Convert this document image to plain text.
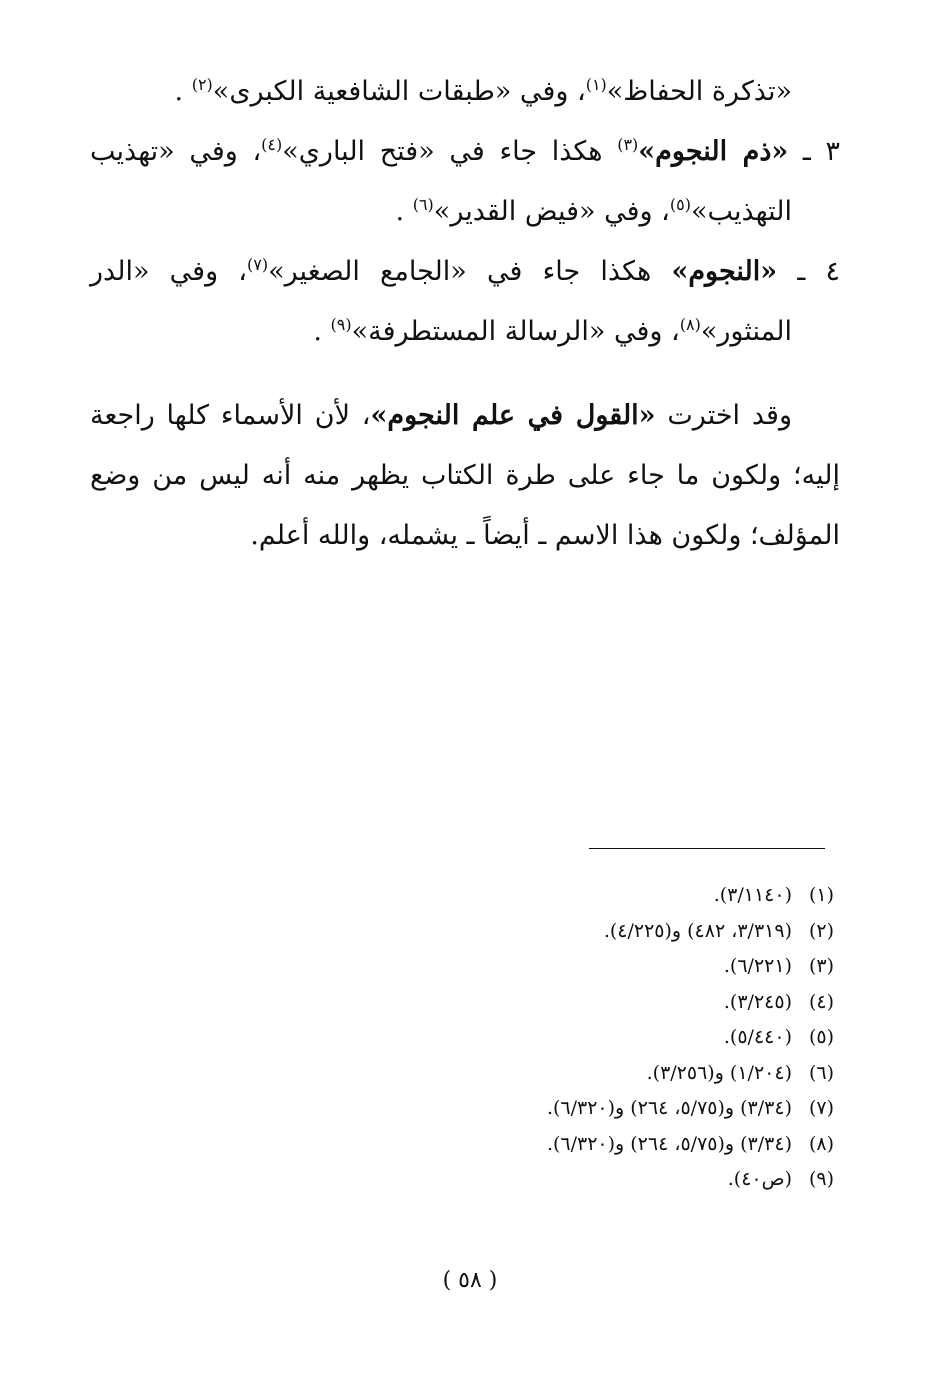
«تذكرة الحفاظ»$^{(١)}$، وفي «طبقات الشافعية الكبرى»$^{(٢)}$ .
٣ ـ «ذم النجوم»$^{(٣)}$ هكذا جاء في «فتح الباري»$^{(٤)}$، وفي «تهذيب
التهذيب»$^{(٥)}$، وفي «فيض القدير»$^{(٦)}$ .
٤ ـ «النجوم» هكذا جاء في «الجامع الصغير»$^{(٧)}$، وفي «الدر
المنثور»$^{(٨)}$، وفي «الرسالة المستطرفة»$^{(٩)}$ .
وقد اخترت «القول في علم النجوم»، لأن الأسماء كلها راجعة
إليه؛ ولكون ما جاء على طرة الكتاب يظهر منه أنه ليس من وضع
المؤلف؛ ولكون هذا الاسم ـ أيضاً ـ يشمله، والله أعلم.
(١)(٣/١١٤٠).
(٢)(٣/٣١٩، ٤٨٢) و(٤/٢٢٥).
(٣)(٦/٢٢١).
(٤)(٣/٢٤٥).
(٥)(٥/٤٤٠).
(٦)(١/٢٠٤) و(٣/٢٥٦).
(٧)(٣/٣٤) و(٥/٧٥، ٢٦٤) و(٦/٣٢٠).
(٨)(٣/٣٤) و(٥/٧٥، ٢٦٤) و(٦/٣٢٠).
(٩)(ص٤٠).
( ٥٨ )
